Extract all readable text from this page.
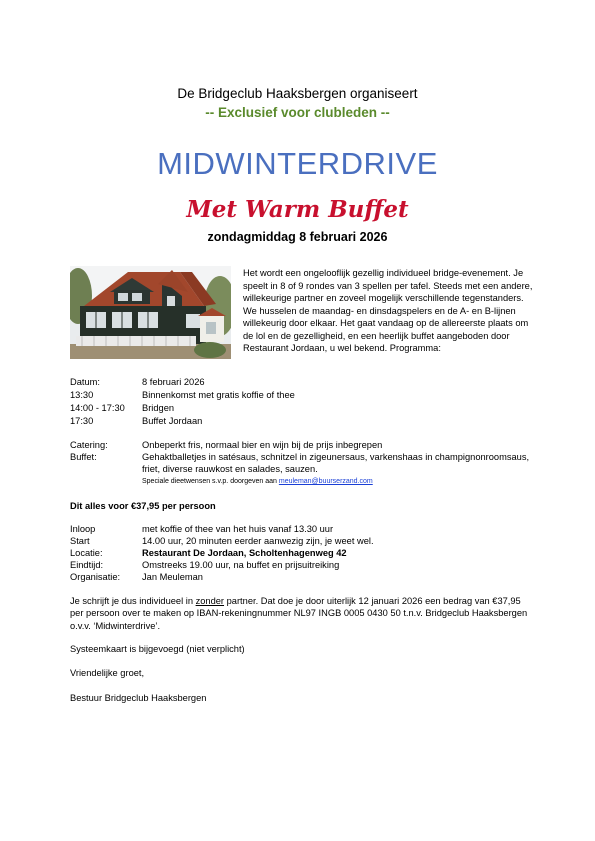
De Bridgeclub Haaksbergen organiseert
-- Exclusief voor clubleden --
MIDWINTERDRIVE
Met Warm Buffet
zondagmiddag 8 februari 2026
Het wordt een ongelooflijk gezellig individueel bridge-evenement. Je speelt in 8 of 9 rondes van 3 spellen per tafel. Steeds met een andere, willekeurige partner en zoveel mogelijk verschillende tegenstanders. We husselen de maandag- en dinsdagspelers en de A- en B-lijnen willekeurig door elkaar. Het gaat vandaag op de allereerste plaats om de lol en de gezelligheid, en een heerlijk buffet aangeboden door Restaurant Jordaan, u wel bekend. Programma:
Datum:	8 februari 2026
13:30	Binnenkomst met gratis koffie of thee
14:00 - 17:30 Bridgen
17:30	Buffet Jordaan
Catering:	Onbeperkt fris, normaal bier en wijn bij de prijs inbegrepen
Buffet:	Gehaktballetjes in satésaus, schnitzel in zigeunersaus, varkenshaas in champignonroomsaus,
friet, diverse rauwkost en salades, sauzen.
Speciale dieetwensen s.v.p. doorgeven aan meuleman@buurserzand.com
Dit alles voor €37,95 per persoon
Inloop	met koffie of thee van het huis vanaf 13.30 uur
Start	14.00 uur, 20 minuten eerder aanwezig zijn, je weet wel.
Locatie:	Restaurant De Jordaan, Scholtenhagenweg 42
Eindtijd:	Omstreeks 19.00 uur, na buffet en prijsuitreiking
Organisatie: Jan Meuleman
Je schrijft je dus individueel in zonder partner. Dat doe je door uiterlijk 12 januari 2026 een bedrag van €37,95
per persoon over te maken op IBAN-rekeningnummer NL97 INGB 0005 0430 50 t.n.v. Bridgeclub Haaksbergen
o.v.v. ‘Midwinterdrive’.
Systeemkaart is bijgevoegd (niet verplicht)
Vriendelijke groet,
Bestuur Bridgeclub Haaksbergen
